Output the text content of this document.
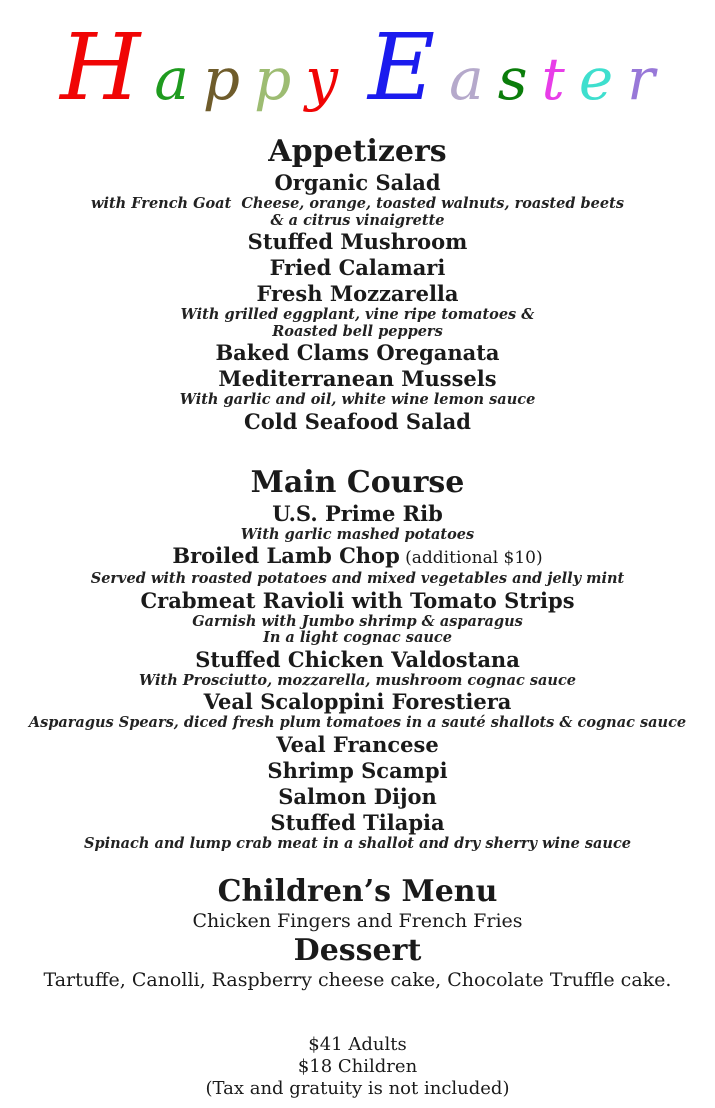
H a p p y E a s t e r
Appetizers
Organic Salad
with French Goat  Cheese, orange, toasted walnuts, roasted beets
& a citrus vinaigrette
Stuffed Mushroom
Fried Calamari
Fresh Mozzarella
With grilled eggplant, vine ripe tomatoes &
Roasted bell peppers
Baked Clams Oreganata
Mediterranean Mussels
With garlic and oil, white wine lemon sauce
Cold Seafood Salad
Main Course
U.S. Prime Rib
With garlic mashed potatoes
Broiled Lamb Chop (additional $10)
Served with roasted potatoes and mixed vegetables and jelly mint
Crabmeat Ravioli with Tomato Strips
Garnish with Jumbo shrimp & asparagus
In a light cognac sauce
Stuffed Chicken Valdostana
With Prosciutto, mozzarella, mushroom cognac sauce
Veal Scaloppini Forestiera
Asparagus Spears, diced fresh plum tomatoes in a sauté shallots & cognac sauce
Veal Francese
Shrimp Scampi
Salmon Dijon
Stuffed Tilapia
Spinach and lump crab meat in a shallot and dry sherry wine sauce
Children’s Menu
Chicken Fingers and French Fries
Dessert
Tartuffe, Canolli, Raspberry cheese cake, Chocolate Truffle cake.
$41 Adults
$18 Children
(Tax and gratuity is not included)
